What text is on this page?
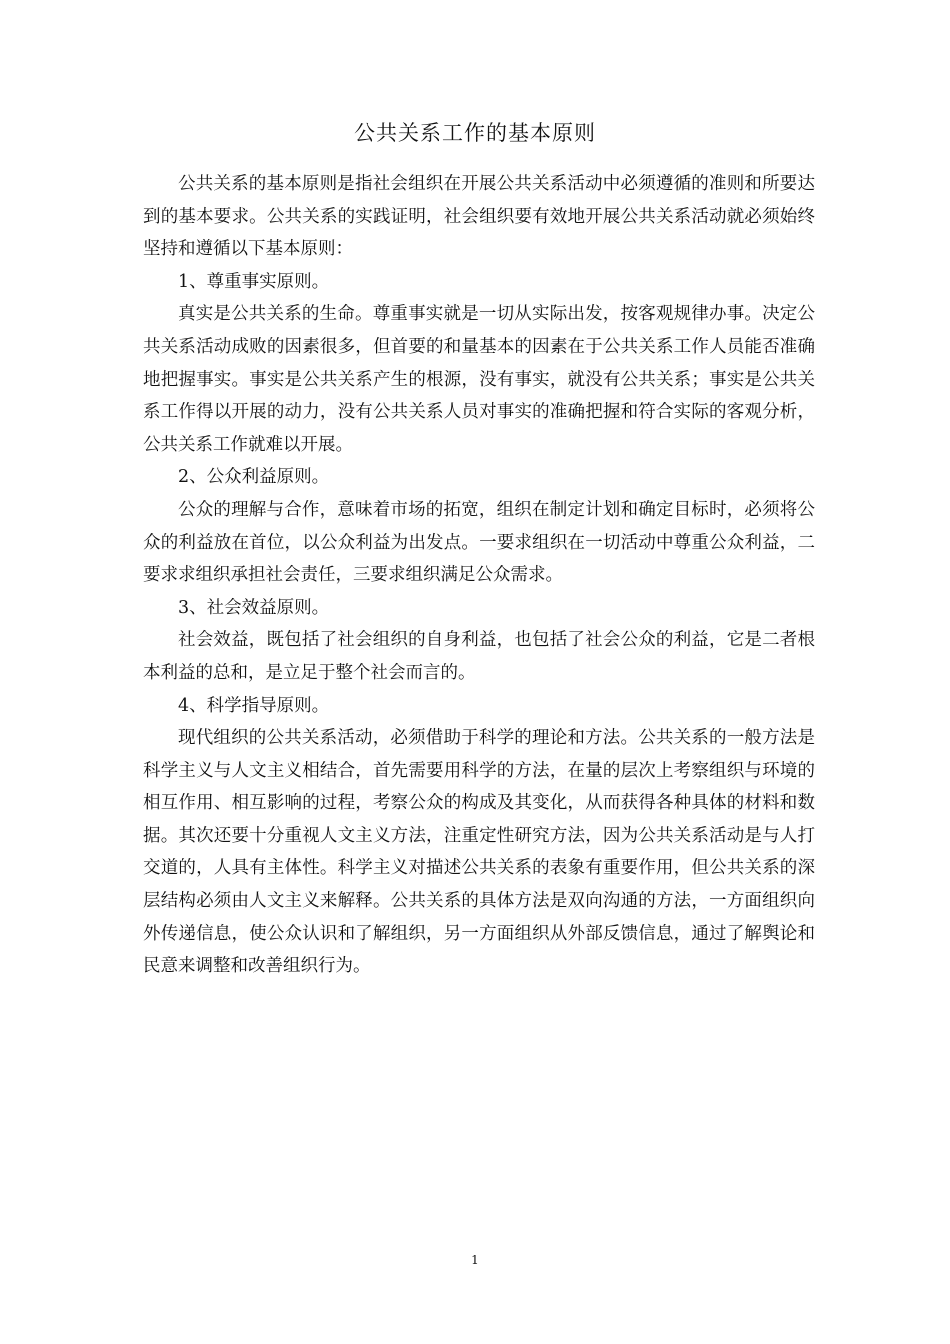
公共关系工作的基本原则

公共关系的基本原则是指社会组织在开展公共关系活动中必须遵循的准则和所要达到的基本要求。公共关系的实践证明，社会组织要有效地开展公共关系活动就必须始终坚持和遵循以下基本原则：

1、尊重事实原则。

真实是公共关系的生命。尊重事实就是一切从实际出发，按客观规律办事。决定公共关系活动成败的因素很多，但首要的和量基本的因素在于公共关系工作人员能否准确地把握事实。事实是公共关系产生的根源，没有事实，就没有公共关系；事实是公共关系工作得以开展的动力，没有公共关系人员对事实的准确把握和符合实际的客观分析，公共关系工作就难以开展。

2、公众利益原则。

公众的理解与合作，意味着市场的拓宽，组织在制定计划和确定目标时，必须将公众的利益放在首位，以公众利益为出发点。一要求组织在一切活动中尊重公众利益，二要求求组织承担社会责任，三要求组织满足公众需求。

3、社会效益原则。

社会效益，既包括了社会组织的自身利益，也包括了社会公众的利益，它是二者根本利益的总和，是立足于整个社会而言的。

4、科学指导原则。

现代组织的公共关系活动，必须借助于科学的理论和方法。公共关系的一般方法是科学主义与人文主义相结合，首先需要用科学的方法，在量的层次上考察组织与环境的相互作用、相互影响的过程，考察公众的构成及其变化，从而获得各种具体的材料和数据。其次还要十分重视人文主义方法，注重定性研究方法，因为公共关系活动是与人打交道的，人具有主体性。科学主义对描述公共关系的表象有重要作用，但公共关系的深层结构必须由人文主义来解释。公共关系的具体方法是双向沟通的方法，一方面组织向外传递信息，使公众认识和了解组织，另一方面组织从外部反馈信息，通过了解舆论和民意来调整和改善组织行为。

1
